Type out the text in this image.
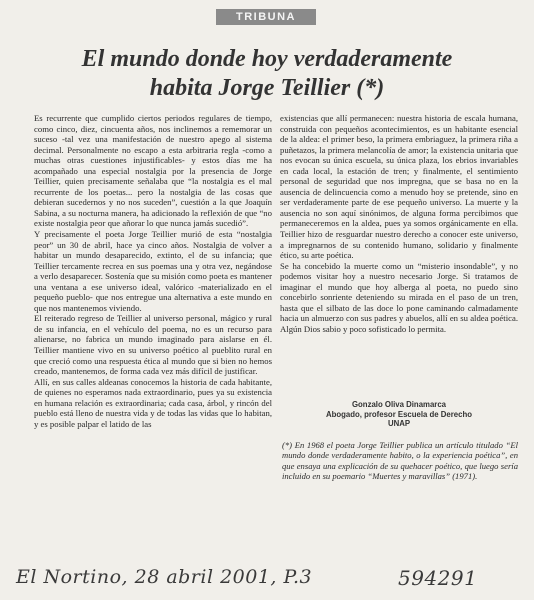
TRIBUNA
El mundo donde hoy verdaderamente
habita Jorge Teillier (*)

Es recurrente que cumplido ciertos periodos regulares de tiempo, como cinco, diez, cincuenta años, nos inclinemos a rememorar un suceso -tal vez una manifestación de nuestro apego al sistema decimal. Personalmente no escapo a esta arbitraria regla -como a muchas otras cuestiones injustificables- y estos días me ha acompañado una especial nostalgia por la presencia de Jorge Teillier, quien precisamente señalaba que “la nostalgia es el mal recurrente de los poetas... pero la nostalgia de las cosas que debieran sucedernos y no nos suceden”, cuestión a la que Joaquín Sabina, a su nocturna manera, ha adicionado la reflexión de que “no existe nostalgia peor que añorar lo que nunca jamás sucedió”.

Y precisamente el poeta Jorge Teillier murió de esta “nostalgia peor” un 30 de abril, hace ya cinco años. Nostalgia de volver a habitar un mundo desaparecido, extinto, el de su infancia; que Teillier tercamente recrea en sus poemas una y otra vez, negándose a verlo desaparecer. Sostenía que su misión como poeta es mantener una ventana a ese universo ideal, valórico -materializado en el pequeño pueblo- que nos entregue una alternativa a este mundo en que nos mantenemos viviendo.

El reiterado regreso de Teillier al universo personal, mágico y rural de su infancia, en el vehículo del poema, no es un recurso para alienarse, no fabrica un mundo imaginado para aislarse en él. Teillier mantiene vivo en su universo poético al pueblito rural en que creció como una respuesta ética al mundo que si bien no hemos creado, mantenemos, de forma cada vez más difícil de justificar.

Allí, en sus calles aldeanas conocemos la historia de cada habitante, de quienes no esperamos nada extraordinario, pues ya su existencia en humana relación es extraordinaria; cada casa, árbol, y rincón del pueblo está lleno de nuestra vida y de todas las vidas que lo habitan, y es posible palpar el latido de las

existencias que allí permanecen: nuestra historia de escala humana, construida con pequeños acontecimientos, es un habitante esencial de la aldea: el primer beso, la primera embriaguez, la primera riña a puñetazos, la primera melancolía de amor; la existencia unitaria que nos evocan su única escuela, su única plaza, los ebrios invariables en cada local, la estación de tren; y finalmente, el sentimiento personal de seguridad que nos impregna, que se basa no en la ausencia de delincuencia como a menudo hoy se pretende, sino en ser verdaderamente parte de ese pequeño universo. La muerte y la ausencia no son aquí sinónimos, de alguna forma percibimos que permaneceremos en la aldea, pues ya somos orgánicamente en ella. Teillier hizo de resguardar nuestro derecho a conocer este universo, a impregnarnos de su contenido humano, solidario y finalmente ético, su arte poética.

Se ha concebido la muerte como un “misterio insondable”, y no podemos visitar hoy a nuestro necesario Jorge. Si tratamos de imaginar el mundo que hoy alberga al poeta, no puedo sino concebirlo sonriente deteniendo su mirada en el paso de un tren, hasta que el silbato de las doce lo pone caminando calmadamente hacia un almuerzo con sus padres y abuelos, allí en su aldea poética. Algún Dios sabio y poco sofisticado lo permita.

Gonzalo Oliva Dinamarca
Abogado, profesor Escuela de Derecho
UNAP

(*) En 1968 el poeta Jorge Teillier publica un artículo titulado “El mundo donde verdaderamente habito, o la experiencia poética”, en que ensaya una explicación de su quehacer poético, que luego sería incluido en su poemario “Muertes y maravillas” (1971).

El Nortino, 28 abril 2001, P.3	594291
